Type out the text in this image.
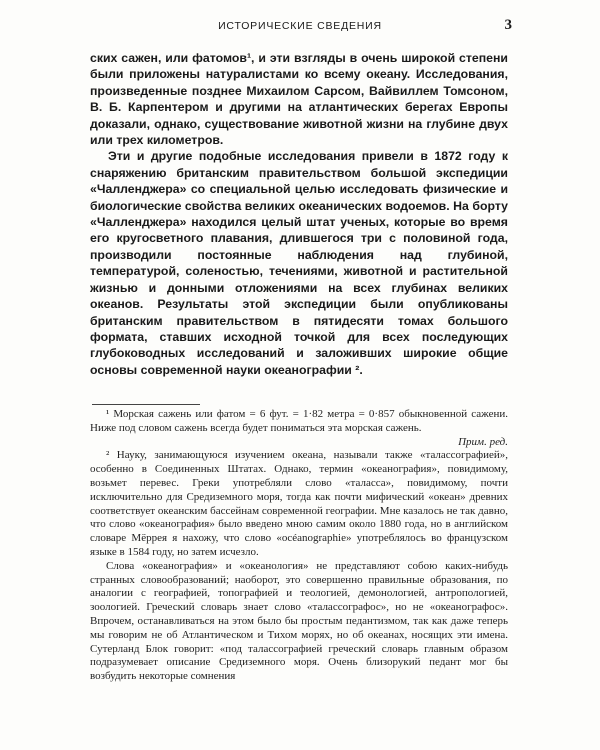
ИСТОРИЧЕСКИЕ СВЕДЕНИЯ	3

ских сажен, или фатомов¹, и эти взгляды в очень широкой степени были приложены натуралистами ко всему океану. Исследования, произведенные позднее Михаилом Сарсом, Вайвиллем Томсоном, В. Б. Карпентером и другими на атлантических берегах Европы доказали, однако, существование животной жизни на глубине двух или трех километров.

Эти и другие подобные исследования привели в 1872 году к снаряжению британским правительством большой экспедиции «Чалленджера» со специальной целью исследовать физические и биологические свойства великих океанических водоемов. На борту «Чалленджера» находился целый штат ученых, которые во время его кругосветного плавания, длившегося три с половиной года, производили постоянные наблюдения над глубиной, температурой, соленостью, течениями, животной и растительной жизнью и донными отложениями на всех глубинах великих океанов. Результаты этой экспедиции были опубликованы британским правительством в пятидесяти томах большого формата, ставших исходной точкой для всех последующих глубоководных исследований и заложивших широкие общие основы современной науки океанографии ².

¹ Морская сажень или фатом = 6 фут. = 1·82 метра = 0·857 обыкновенной сажени. Ниже под словом сажень всегда будет пониматься эта морская сажень.

Прим. ред.

² Науку, занимающуюся изучением океана, называли также «талассографией», особенно в Соединенных Штатах. Однако, термин «океанография», повидимому, возьмет перевес. Греки употребляли слово «таласса», повидимому, почти исключительно для Средиземного моря, тогда как почти мифический «океан» древних соответствует океанским бассейнам современной географии. Мне казалось не так давно, что слово «океанография» было введено мною самим около 1880 года, но в английском словаре Мёррея я нахожу, что слово «océanographie» употреблялось во французском языке в 1584 году, но затем исчезло.

Слова «океанография» и «океанология» не представляют собою каких-нибудь странных словообразований; наоборот, это совершенно правильные образования, по аналогии с географией, топографией и теологией, демонологией, антропологией, зоологией. Греческий словарь знает слово «талассографос», но не «океанографос». Впрочем, останавливаться на этом было бы простым педантизмом, так как даже теперь мы говорим не об Атлантическом и Тихом морях, но об океанах, носящих эти имена. Сутерланд Блок говорит: «под талассографией греческий словарь главным образом подразумевает описание Средиземного моря. Очень близорукий педант мог бы возбудить некоторые сомнения
